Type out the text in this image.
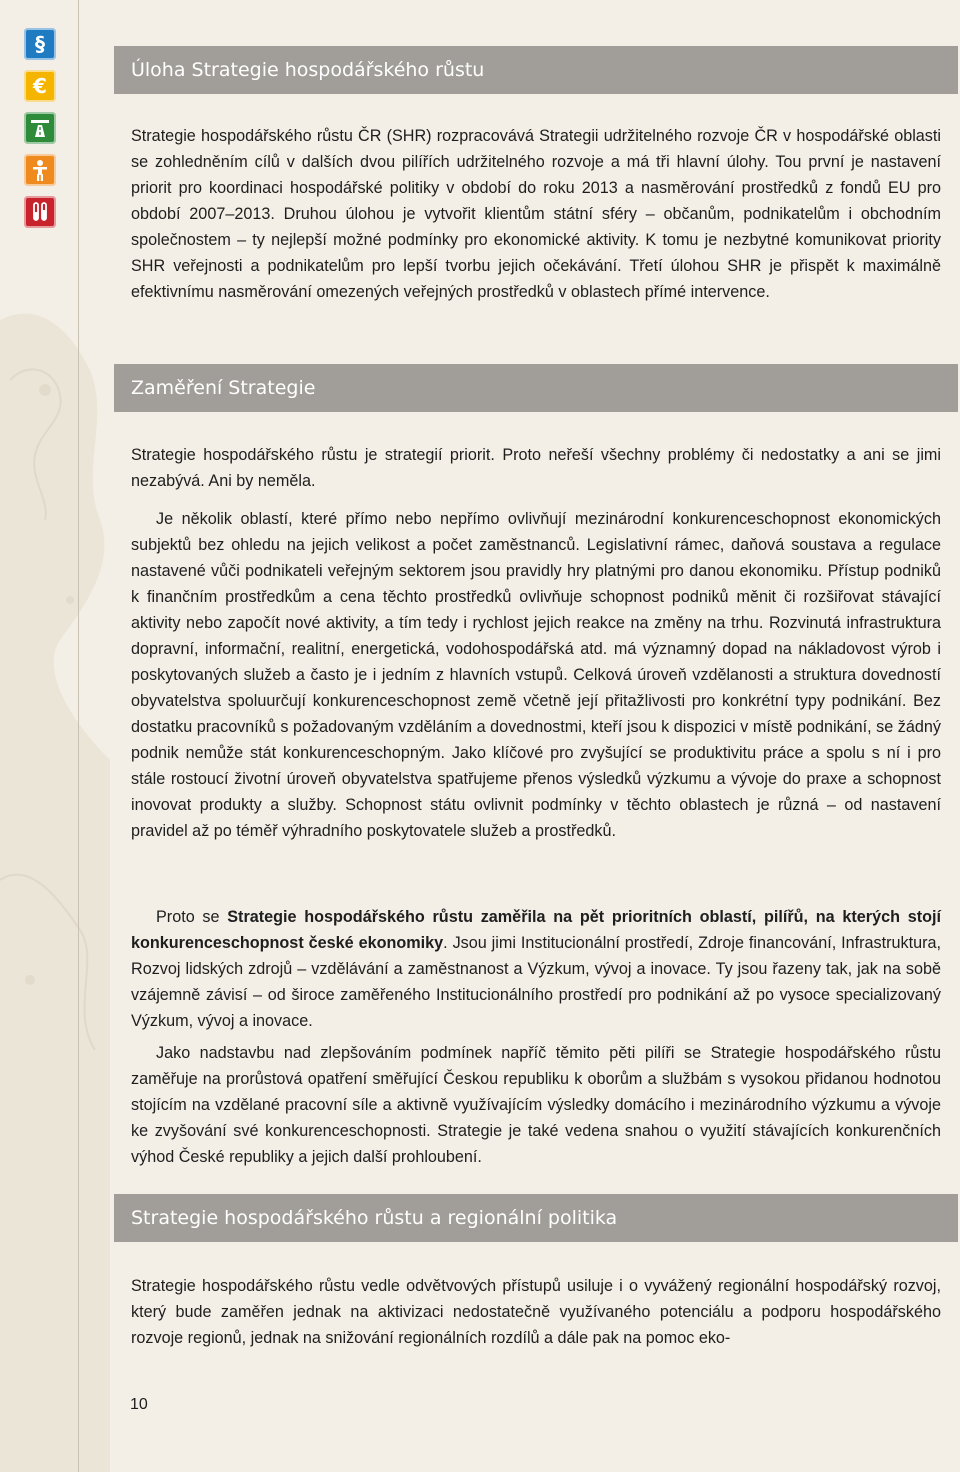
§
€
Úloha Strategie hospodářského růstu

Strategie hospodářského růstu ČR (SHR) rozpracovává Strategii udržitelného rozvoje ČR v hospodářské oblasti se zohledněním cílů v dalších dvou pilířích udržitelného rozvoje a má tři hlavní úlohy. Tou první je nastavení priorit pro koordinaci hospodářské politiky v období do roku 2013 a nasměrování prostředků z fondů EU pro období 2007–2013. Druhou úlohou je vytvořit klientům státní sféry – občanům, podnikatelům i obchodním společnostem – ty nejlepší možné podmínky pro ekonomické aktivity. K tomu je nezbytné komunikovat priority SHR veřejnosti a podnikatelům pro lepší tvorbu jejich očekávání. Třetí úlohou SHR je přispět k maximálně efektivnímu nasměrování omezených veřejných prostředků v oblastech přímé intervence.

Zaměření Strategie

Strategie hospodářského růstu je strategií priorit. Proto neřeší všechny problémy či nedostatky a ani se jimi nezabývá. Ani by neměla.

Je několik oblastí, které přímo nebo nepřímo ovlivňují mezinárodní konkurenceschopnost ekonomických subjektů bez ohledu na jejich velikost a počet zaměstnanců. Legislativní rámec, daňová soustava a regulace nastavené vůči podnikateli veřejným sektorem jsou pravidly hry platnými pro danou ekonomiku. Přístup podniků k finančním prostředkům a cena těchto prostředků ovlivňuje schopnost podniků měnit či rozšiřovat stávající aktivity nebo započít nové aktivity, a tím tedy i rychlost jejich reakce na změny na trhu. Rozvinutá infrastruktura dopravní, informační, realitní, energetická, vodohospodářská atd. má významný dopad na nákladovost výrob i poskytovaných služeb a často je i jedním z hlavních vstupů. Celková úroveň vzdělanosti a struktura dovedností obyvatelstva spoluurčují konkurenceschopnost země včetně její přitažlivosti pro konkrétní typy podnikání. Bez dostatku pracovníků s požadovaným vzděláním a dovednostmi, kteří jsou k dispozici v místě podnikání, se žádný podnik nemůže stát konkurenceschopným. Jako klíčové pro zvyšující se produktivitu práce a spolu s ní i pro stále rostoucí životní úroveň obyvatelstva spatřujeme přenos výsledků výzkumu a vývoje do praxe a schopnost inovovat produkty a služby. Schopnost státu ovlivnit podmínky v těchto oblastech je různá – od nastavení pravidel až po téměř výhradního poskytovatele služeb a prostředků.

Proto se Strategie hospodářského růstu zaměřila na pět prioritních oblastí, pilířů, na kterých stojí konkurenceschopnost české ekonomiky. Jsou jimi Institucionální prostředí, Zdroje financování, Infrastruktura, Rozvoj lidských zdrojů – vzdělávání a zaměstnanost a Výzkum, vývoj a inovace. Ty jsou řazeny tak, jak na sobě vzájemně závisí – od široce zaměřeného Institucionálního prostředí pro podnikání až po vysoce specializovaný Výzkum, vývoj a inovace.

Jako nadstavbu nad zlepšováním podmínek napříč těmito pěti pilíři se Strategie hospodářského růstu zaměřuje na prorůstová opatření směřující Českou republiku k oborům a službám s vysokou přidanou hodnotou stojícím na vzdělané pracovní síle a aktivně využívajícím výsledky domácího i mezinárodního výzkumu a vývoje ke zvyšování své konkurenceschopnosti. Strategie je také vedena snahou o využití stávajících konkurenčních výhod České republiky a jejich další prohloubení.

Strategie hospodářského růstu a regionální politika

Strategie hospodářského růstu vedle odvětvových přístupů usiluje i o vyvážený regionální hospodářský rozvoj, který bude zaměřen jednak na aktivizaci nedostatečně využívaného potenciálu a podporu hospodářského rozvoje regionů, jednak na snižování regionálních rozdílů a dále pak na pomoc eko-

10
